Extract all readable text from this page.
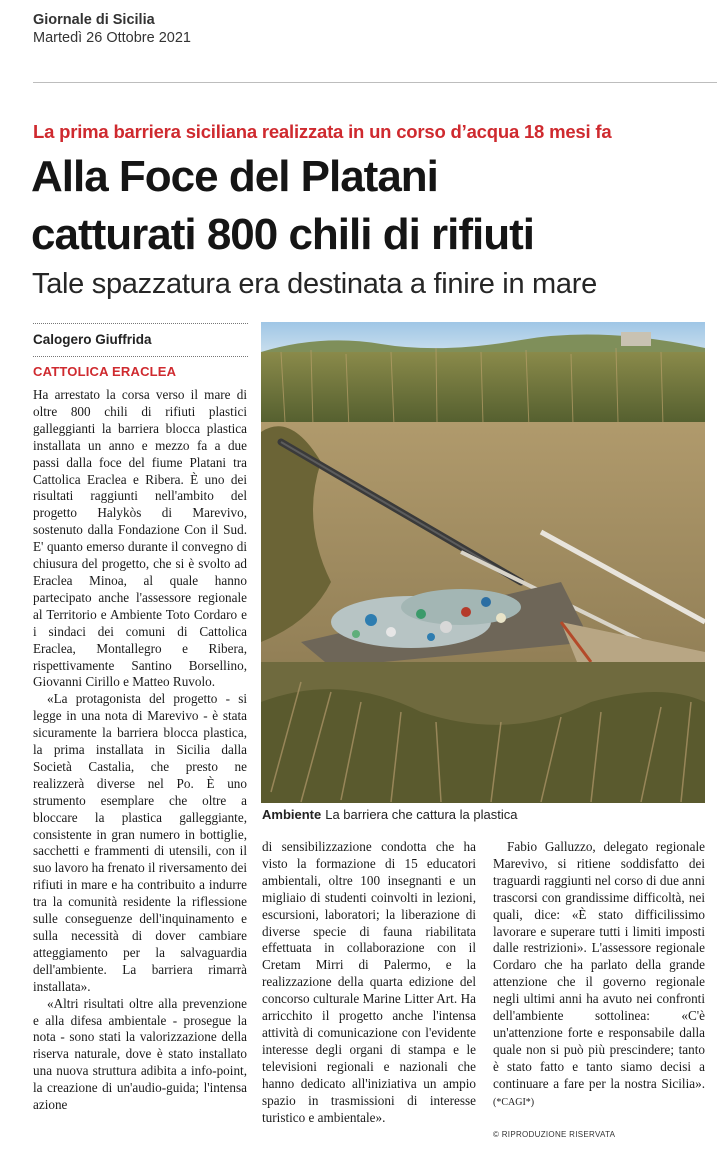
Giornale di Sicilia
Martedì 26 Ottobre 2021
La prima barriera siciliana realizzata in un corso d’acqua 18 mesi fa
Alla Foce del Platani
catturati 800 chili di rifiuti
Tale spazzatura era destinata a finire in mare
Calogero Giuffrida
CATTOLICA ERACLEA

Ha arrestato la corsa verso il mare di oltre 800 chili di rifiuti plastici galleggianti la barriera blocca plastica installata un anno e mezzo fa a due passi dalla foce del fiume Platani tra Cattolica Eraclea e Ribera. È uno dei risultati raggiunti nell'ambito del progetto Halykòs di Marevivo, sostenuto dalla Fondazione Con il Sud. E' quanto emerso durante il convegno di chiusura del progetto, che si è svolto ad Eraclea Minoa, al quale hanno partecipato anche l'assessore regionale al Territorio e Ambiente Toto Cordaro e i sindaci dei comuni di Cattolica Eraclea, Montallegro e Ribera, rispettivamente Santino Borsellino, Giovanni Cirillo e Matteo Ruvolo.

«La protagonista del progetto - si legge in una nota di Marevivo - è stata sicuramente la barriera blocca plastica, la prima installata in Sicilia dalla Società Castalia, che presto ne realizzerà diverse nel Po. È uno strumento esemplare che oltre a bloccare la plastica galleggiante, consistente in gran numero in bottiglie, sacchetti e frammenti di utensili, con il suo lavoro ha frenato il riversamento dei rifiuti in mare e ha contribuito a indurre tra la comunità residente la riflessione sulle conseguenze dell'inquinamento e sulla necessità di dover cambiare atteggiamento per la salvaguardia dell'ambiente. La barriera rimarrà installata».

«Altri risultati oltre alla prevenzione e alla difesa ambientale - prosegue la nota - sono stati la valorizzazione della riserva naturale, dove è stato installato una nuova struttura adibita a info-point, la creazione di un'audio-guida; l'intensa azione

Ambiente La barriera che cattura la plastica

di sensibilizzazione condotta che ha visto la formazione di 15 educatori ambientali, oltre 100 insegnanti e un migliaio di studenti coinvolti in lezioni, escursioni, laboratori; la liberazione di diverse specie di fauna riabilitata effettuata in collaborazione con il Cretam Mirri di Palermo, e la realizzazione della quarta edizione del concorso culturale Marine Litter Art. Ha arricchito il progetto anche l'intensa attività di comunicazione con l'evidente interesse degli organi di stampa e le televisioni regionali e nazionali che hanno dedicato all'iniziativa un ampio spazio in trasmissioni di interesse turistico e ambientale».

Fabio Galluzzo, delegato regionale Marevivo, si ritiene soddisfatto dei traguardi raggiunti nel corso di due anni trascorsi con grandissime difficoltà, nei quali, dice: «È stato difficilissimo lavorare e superare tutti i limiti imposti dalle restrizioni». L'assessore regionale Cordaro che ha parlato della grande attenzione che il governo regionale negli ultimi anni ha avuto nei confronti dell'ambiente sottolinea: «C'è un'attenzione forte e responsabile dalla quale non si può più prescindere; tanto è stato fatto e tanto siamo decisi a continuare a fare per la nostra Sicilia». (*CAGI*)

© RIPRODUZIONE RISERVATA
